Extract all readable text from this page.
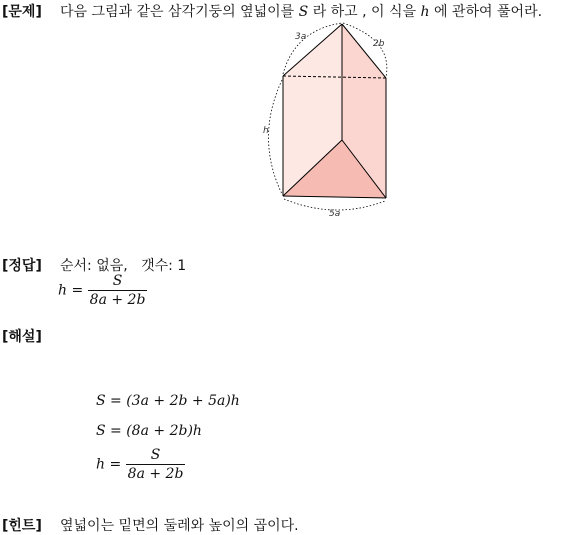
[문제] 다음 그림과 같은 삼각기둥의 옆넓이를 S 라 하고 , 이 식을 h 에 관하여 풀어라.
3a
2b
h
5a
[정답] 순서: 없음, 갯수: 1
$h = \frac{S}{8a + 2b}$
[해설]
S = (3a + 2b + 5a)h
S = (8a + 2b)h
$h = \frac{S}{8a + 2b}$
[힌트] 옆넓이는 밑면의 둘레와 높이의 곱이다.
